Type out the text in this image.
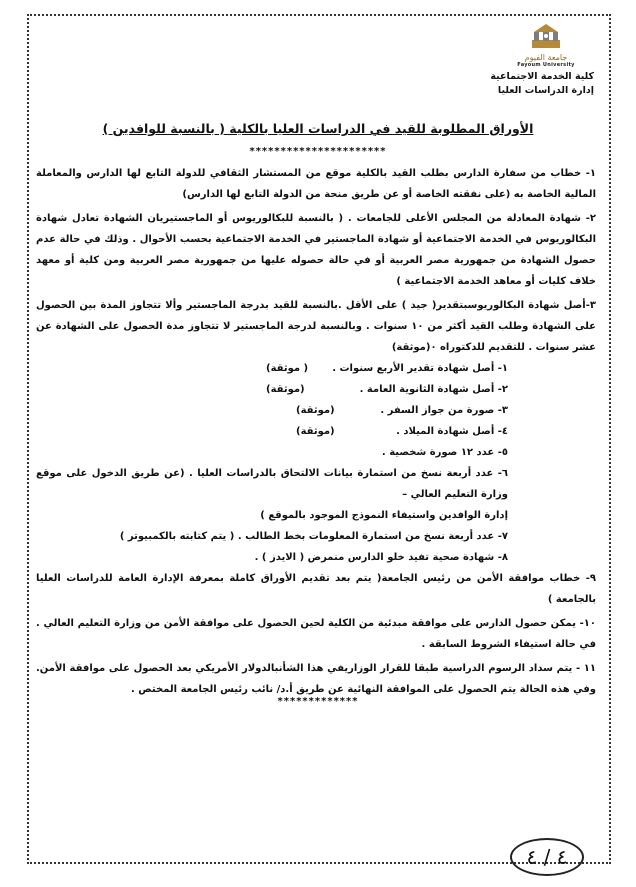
جامعة الفيوم
Fayoum University
كلية الخدمة الاجتماعية
إدارة الدراسات العليا
الأوراق المطلوبة للقيد في الدراسات العليا بالكلية ( بالنسبة للوافدين )
**********************

١- خطاب من سفارة الدارس بطلب القيد بالكلية موقع من المستشار الثقافي للدولة التابع لها الدارس والمعاملة المالية الخاصة به (على نفقته الخاصة أو عن طريق منحة من الدولة التابع لها الدارس)

٢- شهادة المعادلة من المجلس الأعلى للجامعات . ( بالنسبة للبكالوريوس أو الماجستيريان الشهادة تعادل شهادة البكالوريوس في الخدمة الاجتماعية أو شهادة الماجستير في الخدمة الاجتماعية بحسب الأحوال . وذلك في حالة عدم حصول الشهادة من جمهورية مصر العربية أو في حالة حصوله عليها من جمهورية مصر العربية ومن كلية أو معهد خلاف كليات أو معاهد الخدمة الاجتماعية )

٣-أصل شهادة البكالوريوسبتقدير( جيد ) على الأقل .بالنسبة للقيد بدرجة الماجستير وألا تتجاوز المدة بين الحصول على الشهادة وطلب القيد أكثر من ١٠ سنوات . وبالنسبة لدرجة الماجستير لا تتجاوز مدة الحصول على الشهادة عن عشر سنوات . للتقديم للدكتوراه ٠(موثقة)

١- أصل شهادة تقدير الأربع سنوات .
( موثقة)
٢- أصل شهادة الثانوية العامة .
(موثقة)
٣- صورة من جواز السفر .
(موثقة)
٤- أصل شهادة الميلاد .
(موثقة)
٥- عدد ١٢ صورة شخصية .
٦- عدد أربعة نسخ من استمارة بيانات الالتحاق بالدراسات العليا . (عن طريق الدخول على موقع وزارة التعليم العالي –
إدارة الوافدين واستيفاء النموذج الموجود بالموقع )
٧- عدد أربعة نسخ من استمارة المعلومات بخط الطالب . ( يتم كتابته بالكمبيوتر )
٨- شهادة صحية تفيد خلو الدارس منمرض ( الايدز ) .

٩- خطاب موافقة الأمن من رئيس الجامعة( يتم بعد تقديم الأوراق كاملة بمعرفة الإدارة العامة للدراسات العليا بالجامعة )

١٠- يمكن حصول الدارس على موافقة مبدئية من الكلية لحين الحصول على موافقة الأمن من وزارة التعليم العالي . في حالة استيفاء الشروط السابقة .

١١ - يتم سداد الرسوم الدراسية طبقا للقرار الوزاريفي هذا الشأنبالدولار الأمريكي بعد الحصول على موافقة الأمن. وفي هذه الحالة يتم الحصول على الموافقة النهائية عن طريق أ.د/ نائب رئيس الجامعة المختص .

*************
٤ / ٤
